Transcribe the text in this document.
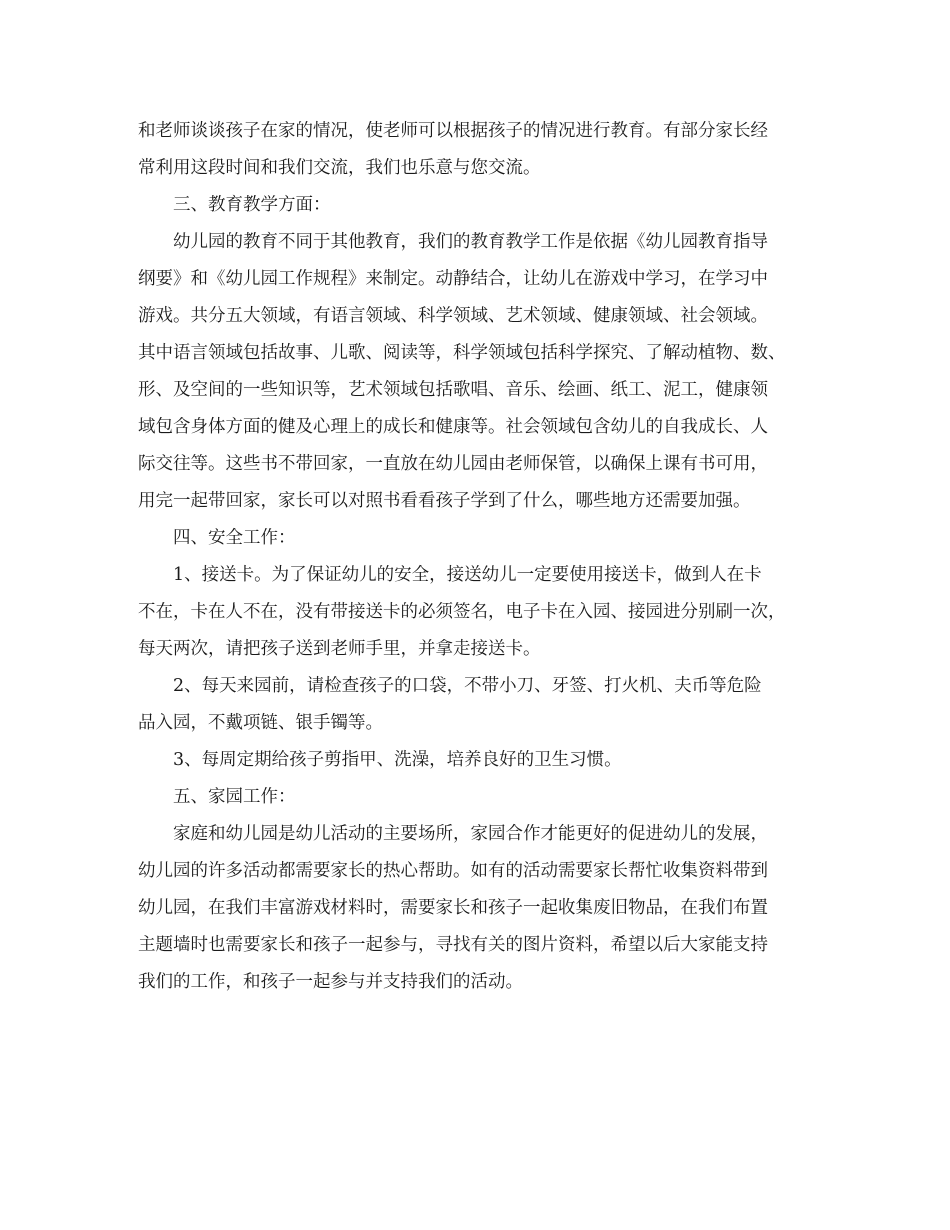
和老师谈谈孩子在家的情况，使老师可以根据孩子的情况进行教育。有部分家长经
常利用这段时间和我们交流，我们也乐意与您交流。
三、教育教学方面：
幼儿园的教育不同于其他教育，我们的教育教学工作是依据《幼儿园教育指导
纲要》和《幼儿园工作规程》来制定。动静结合，让幼儿在游戏中学习，在学习中
游戏。共分五大领域，有语言领域、科学领域、艺术领域、健康领域、社会领域。
其中语言领域包括故事、儿歌、阅读等，科学领域包括科学探究、了解动植物、数、
形、及空间的一些知识等，艺术领域包括歌唱、音乐、绘画、纸工、泥工，健康领
域包含身体方面的健及心理上的成长和健康等。社会领域包含幼儿的自我成长、人
际交往等。这些书不带回家，一直放在幼儿园由老师保管，以确保上课有书可用，
用完一起带回家，家长可以对照书看看孩子学到了什么，哪些地方还需要加强。
四、安全工作：
1、接送卡。为了保证幼儿的安全，接送幼儿一定要使用接送卡，做到人在卡
不在，卡在人不在，没有带接送卡的必须签名，电子卡在入园、接园进分别刷一次，
每天两次，请把孩子送到老师手里，并拿走接送卡。
2、每天来园前，请检查孩子的口袋，不带小刀、牙签、打火机、夫币等危险
品入园，不戴项链、银手镯等。
3、每周定期给孩子剪指甲、洗澡，培养良好的卫生习惯。
五、家园工作：
家庭和幼儿园是幼儿活动的主要场所，家园合作才能更好的促进幼儿的发展，
幼儿园的许多活动都需要家长的热心帮助。如有的活动需要家长帮忙收集资料带到
幼儿园，在我们丰富游戏材料时，需要家长和孩子一起收集废旧物品，在我们布置
主题墙时也需要家长和孩子一起参与，寻找有关的图片资料，希望以后大家能支持
我们的工作，和孩子一起参与并支持我们的活动。
